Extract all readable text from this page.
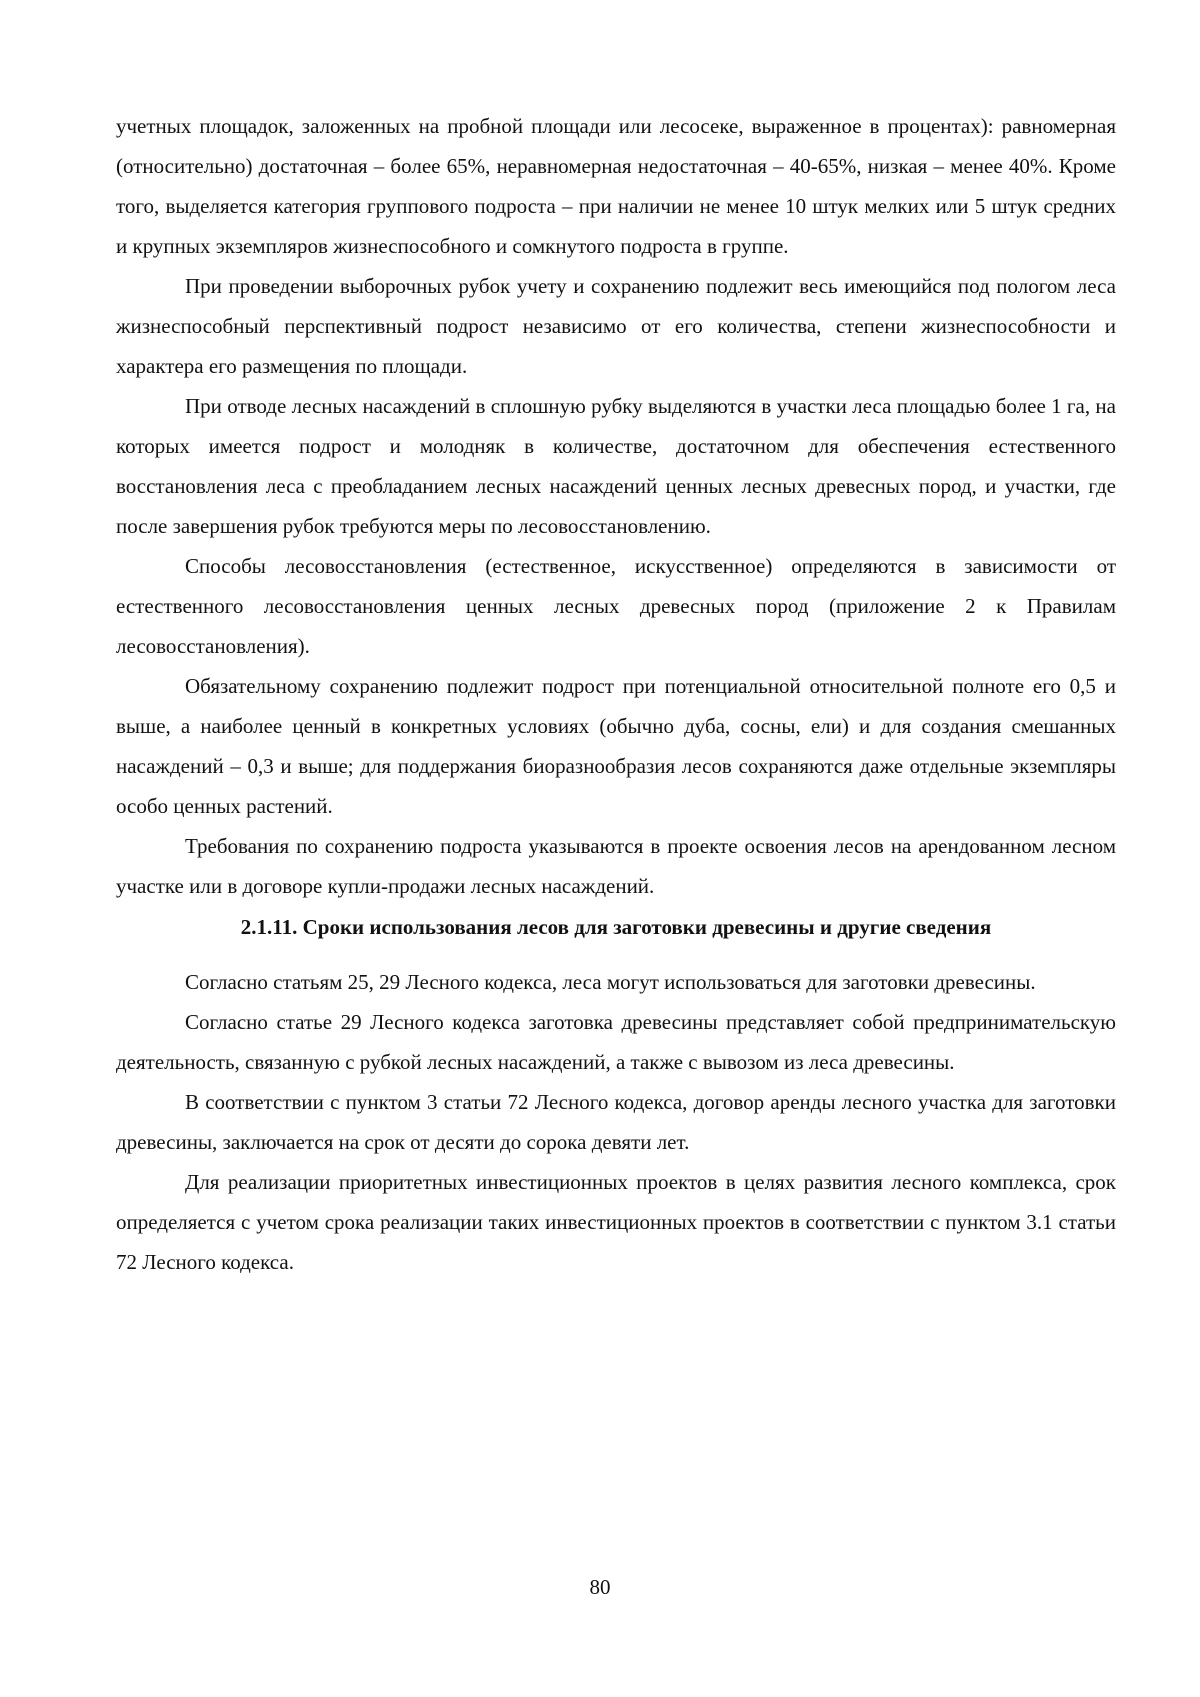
учетных площадок, заложенных на пробной площади или лесосеке, выраженное в процентах): равномерная (относительно) достаточная – более 65%, неравномерная недостаточная – 40-65%, низкая – менее 40%. Кроме того, выделяется категория группового подроста – при наличии не менее 10 штук мелких или 5 штук средних и крупных экземпляров жизнеспособного и сомкнутого подроста в группе.

При проведении выборочных рубок учету и сохранению подлежит весь имеющийся под пологом леса жизнеспособный перспективный подрост независимо от его количества, степени жизнеспособности и характера его размещения по площади.

При отводе лесных насаждений в сплошную рубку выделяются в участки леса площадью более 1 га, на которых имеется подрост и молодняк в количестве, достаточном для обеспечения естественного восстановления леса с преобладанием лесных насаждений ценных лесных древесных пород, и участки, где после завершения рубок требуются меры по лесовосстановлению.

Способы лесовосстановления (естественное, искусственное) определяются в зависимости от естественного лесовосстановления ценных лесных древесных пород (приложение 2 к Правилам лесовосстановления).

Обязательному сохранению подлежит подрост при потенциальной относительной полноте его 0,5 и выше, а наиболее ценный в конкретных условиях (обычно дуба, сосны, ели) и для создания смешанных насаждений – 0,3 и выше; для поддержания биоразнообразия лесов сохраняются даже отдельные экземпляры особо ценных растений.

Требования по сохранению подроста указываются в проекте освоения лесов на арендованном лесном участке или в договоре купли-продажи лесных насаждений.

2.1.11. Сроки использования лесов для заготовки древесины и другие сведения

Согласно статьям 25, 29 Лесного кодекса, леса могут использоваться для заготовки древесины.

Согласно статье 29 Лесного кодекса заготовка древесины представляет собой предпринимательскую деятельность, связанную с рубкой лесных насаждений, а также с вывозом из леса древесины.

В соответствии с пунктом 3 статьи 72 Лесного кодекса, договор аренды лесного участка для заготовки древесины, заключается на срок от десяти до сорока девяти лет.

Для реализации приоритетных инвестиционных проектов в целях развития лесного комплекса, срок определяется с учетом срока реализации таких инвестиционных проектов в соответствии с пунктом 3.1 статьи 72 Лесного кодекса.

80
